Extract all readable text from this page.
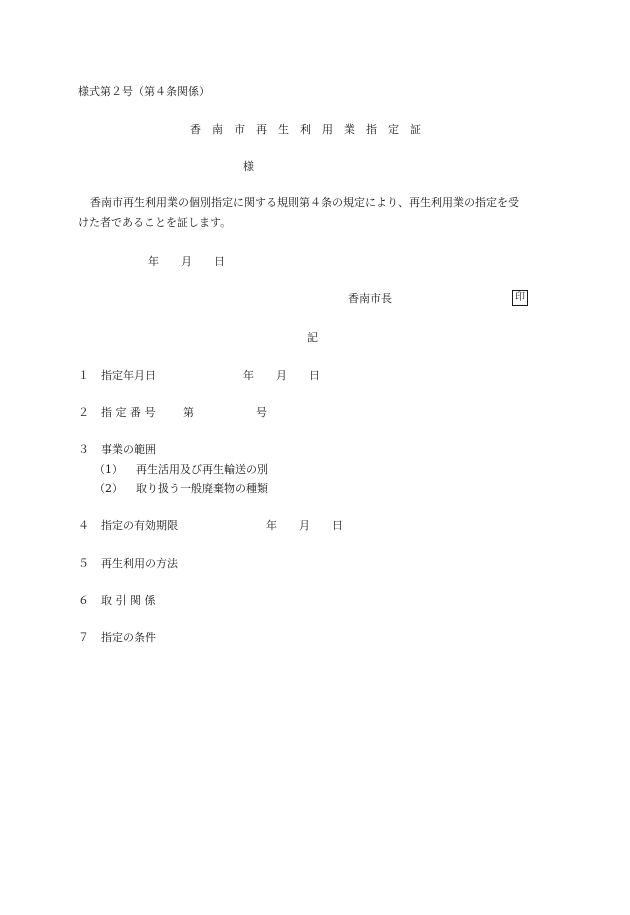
様式第２号（第４条関係）
香　南　市　再　生　利　用　業　指　定　証
様
香南市再生利用業の個別指定に関する規則第４条の規定により、再生利用業の指定を受
けた者であることを証します。
年　　月　　日
香南市長	印
記
１ 指定年月日	年　　月　　日
２ 指 定 番 号	第	号
３ 事業の範囲
（1） 再生活用及び再生輸送の別
（2） 取り扱う一般廃棄物の種類
４ 指定の有効期限	年　　月　　日
５ 再生利用の方法
６ 取 引 関 係
７ 指定の条件
